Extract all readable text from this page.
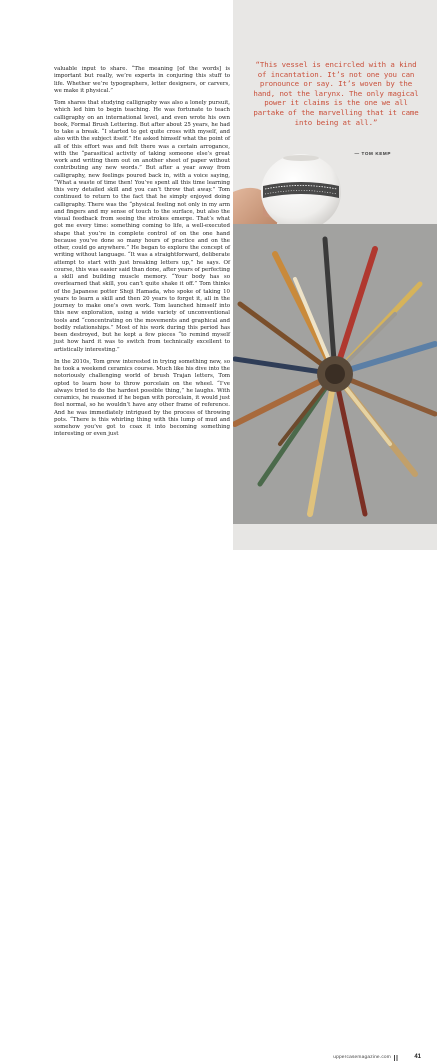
valuable input to share. “The meaning [of the words] is important but really, we’re experts in conjuring this stuff to life. Whether we’re typographers, letter designers, or carvers, we make it physical.”

Tom shares that studying calligraphy was also a lonely pursuit, which led him to begin teaching. He was fortunate to teach calligraphy on an international level, and even wrote his own book, Formal Brush Lettering. But after about 25 years, he had to take a break. “I started to get quite cross with myself, and also with the subject itself.” He asked himself what the point of all of this effort was and felt there was a certain arrogance, with the “parasitical activity of taking someone else’s great work and writing them out on another sheet of paper without contributing any new words.” But after a year away from calligraphy, new feelings poured back in, with a voice saying, “What a waste of time then! You’ve spent all this time learning this very detailed skill and you can’t throw that away.” Tom continued to return to the fact that he simply enjoyed doing calligraphy. There was the “physical feeling not only in my arm and fingers and my sense of touch to the surface, but also the visual feedback from seeing the strokes emerge. That’s what got me every time: something coming to life, a well-executed shape that you’re in complete control of on the one hand because you’ve done so many hours of practice and on the other, could go anywhere.” He began to explore the concept of writing without language. “It was a straightforward, deliberate attempt to start with just breaking letters up,” he says. Of course, this was easier said than done, after years of perfecting a skill and building muscle memory. “Your body has so overlearned that skill, you can’t quite shake it off.” Tom thinks of the Japanese potter Shoji Hamada, who spoke of taking 10 years to learn a skill and then 20 years to forget it, all in the journey to make one’s own work. Tom launched himself into this new exploration, using a wide variety of unconventional tools and “concentrating on the movements and graphical and bodily relationships.” Most of his work during this period has been destroyed, but he kept a few pieces “to remind myself just how hard it was to switch from technically excellent to artistically interesting.”

In the 2010s, Tom grew interested in trying something new, so he took a weekend ceramics course. Much like his dive into the notoriously challenging world of brush Trajan letters, Tom opted to learn how to throw porcelain on the wheel. “I’ve always tried to do the hardest possible thing,” he laughs. With ceramics, he reasoned if he began with porcelain, it would just feel normal, so he wouldn’t have any other frame of reference. And he was immediately intrigued by the process of throwing pots. “There is this whirling thing with this lump of mud and somehow you’ve got to coax it into becoming something interesting or even just

“This vessel is encircled with a kind of incantation. It’s not one you can pronounce or say. It’s woven by the hand, not the larynx. The only magical power it claims is the one we all partake of the marvelling that it came into being at all.”
— TOM KEMP
uppercasemagazine.com	41
